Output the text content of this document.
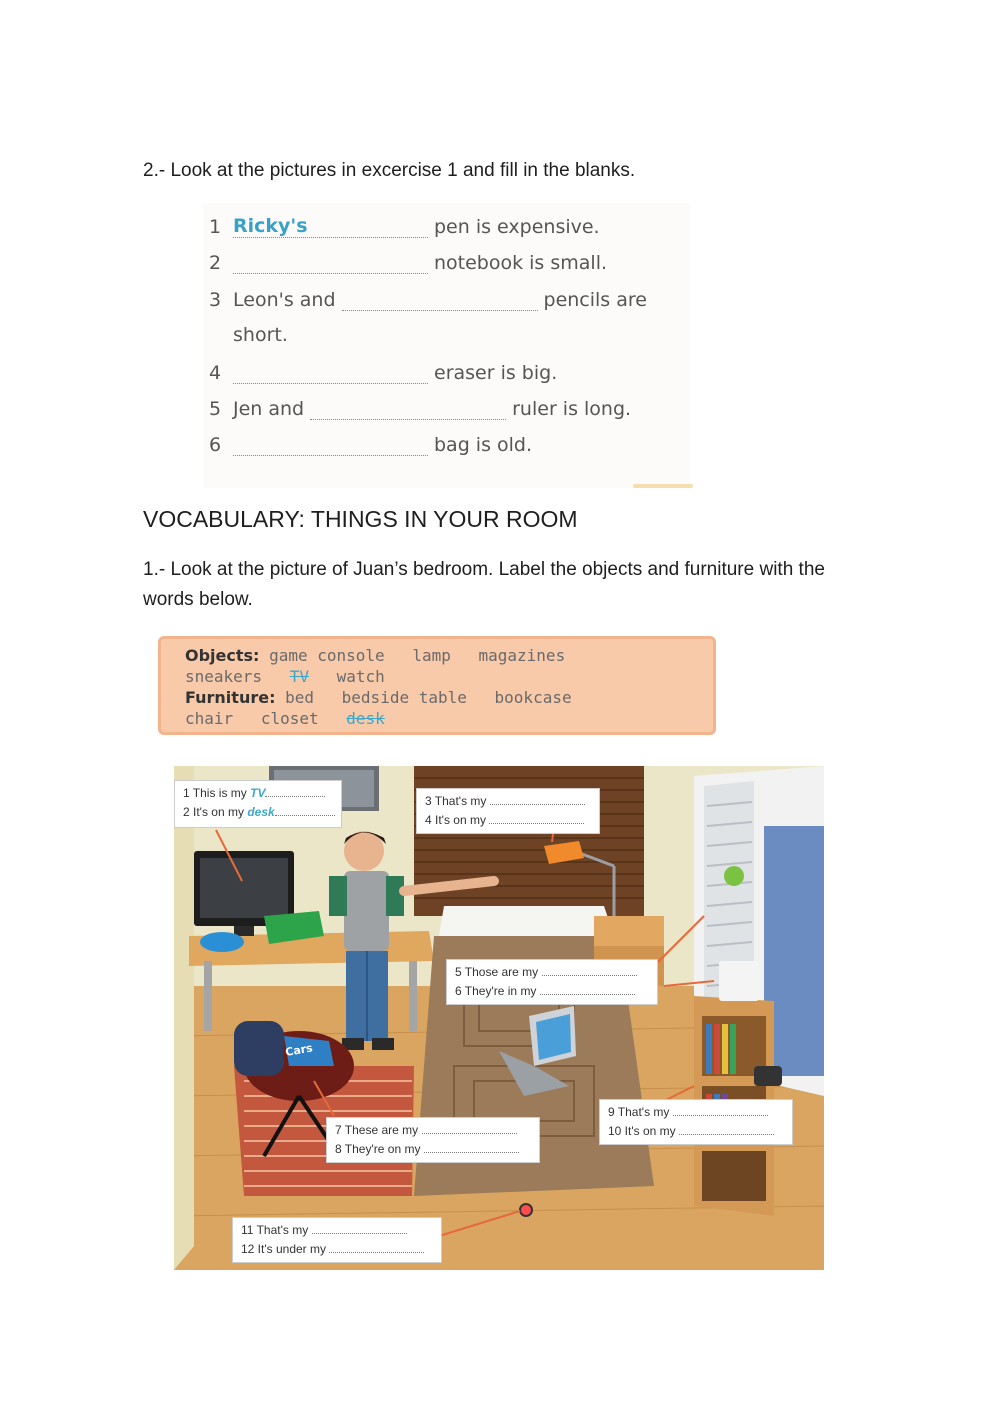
2.- Look at the pictures in excercise 1 and fill in the blanks.
1 Ricky's	pen is expensive.
2	notebook is small.
3 Leon's and	pencils are
short.
4	eraser is big.
5 Jen and	ruler is long.
6	bag is old.
VOCABULARY: THINGS IN YOUR ROOM
1.- Look at the picture of Juan’s bedroom. Label the objects and furniture with the words below.
Objects: game console lamp magazines
sneakers TV watch
Furniture: bed bedside table bookcase
chair closet desk
Cars
1 This is my TV
2 It's on my desk
3 That's my
4 It's on my
5 Those are my
6 They're in my
7 These are my
8 They're on my
9 That's my
10 It's on my
11 That's my
12 It's under my
